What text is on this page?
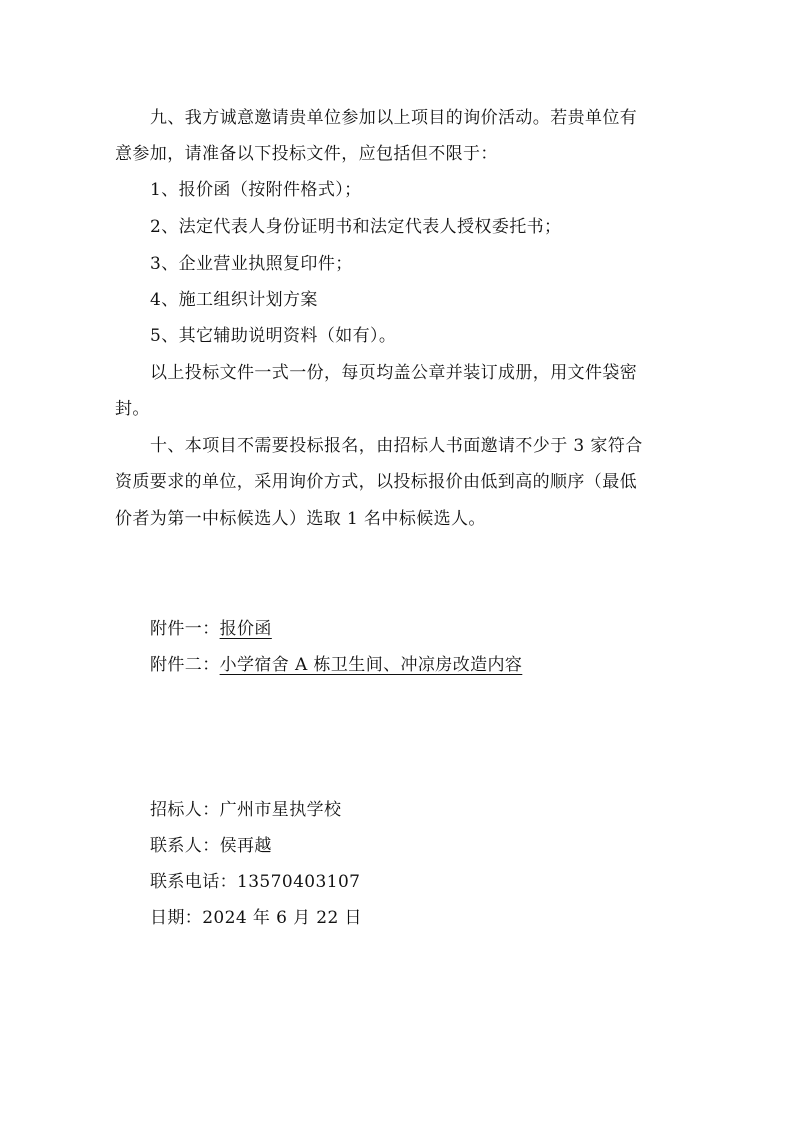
九、我方诚意邀请贵单位参加以上项目的询价活动。若贵单位有

意参加，请准备以下投标文件，应包括但不限于：

1、报价函（按附件格式）；

2、法定代表人身份证明书和法定代表人授权委托书；

3、企业营业执照复印件；

4、施工组织计划方案

5、其它辅助说明资料（如有）。

以上投标文件一式一份，每页均盖公章并装订成册，用文件袋密

封。

十、本项目不需要投标报名，由招标人书面邀请不少于 3 家符合

资质要求的单位，采用询价方式，以投标报价由低到高的顺序（最低

价者为第一中标候选人）选取 1 名中标候选人。

附件一：报价函

附件二：小学宿舍 A 栋卫生间、冲凉房改造内容

招标人：广州市星执学校

联系人：侯再越

联系电话：13570403107

日期：2024 年 6 月 22 日
